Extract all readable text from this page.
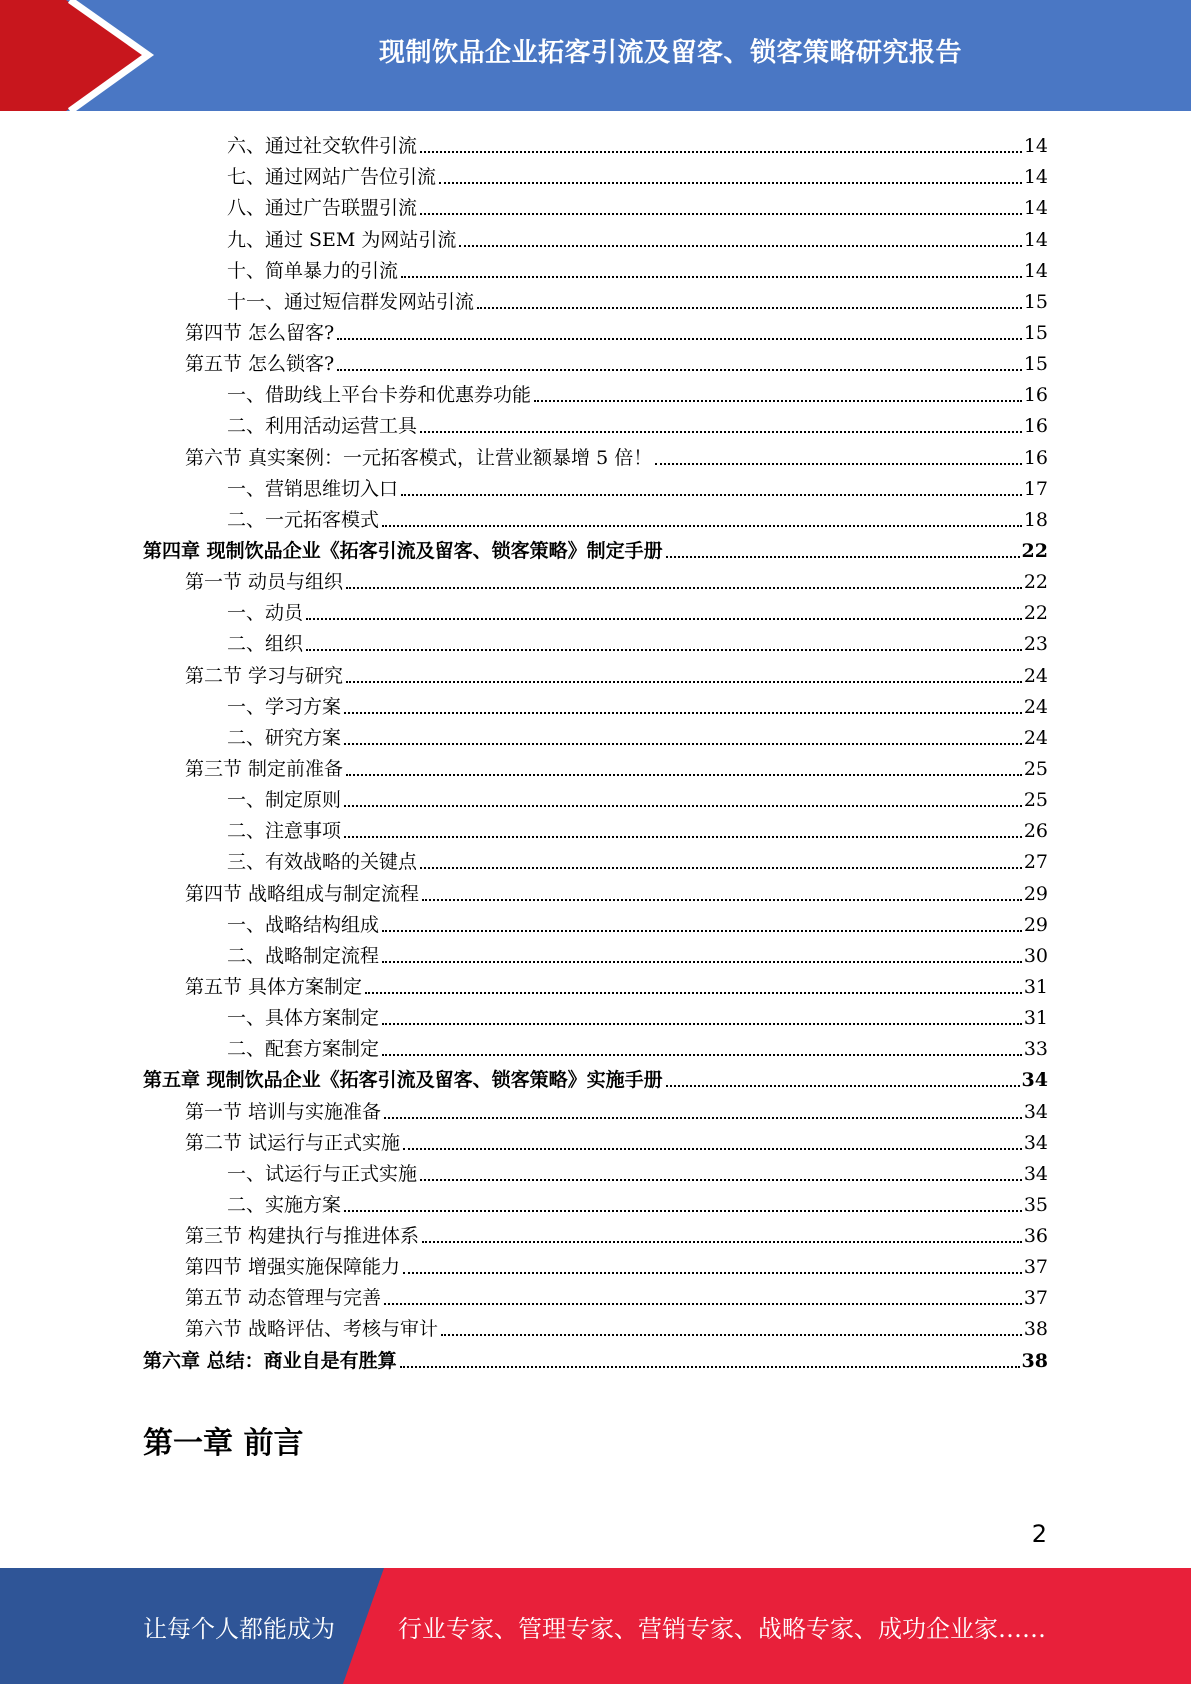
现制饮品企业拓客引流及留客、锁客策略研究报告
六、通过社交软件引流	14
七、通过网站广告位引流	14
八、通过广告联盟引流	14
九、通过 SEM 为网站引流	14
十、简单暴力的引流	14
十一、通过短信群发网站引流	15
第四节 怎么留客?	15
第五节 怎么锁客?	15
一、借助线上平台卡券和优惠券功能	16
二、利用活动运营工具	16
第六节 真实案例：一元拓客模式，让营业额暴增 5 倍！	16
一、营销思维切入口	17
二、一元拓客模式	18
第四章 现制饮品企业《拓客引流及留客、锁客策略》制定手册	22
第一节 动员与组织	22
一、动员	22
二、组织	23
第二节 学习与研究	24
一、学习方案	24
二、研究方案	24
第三节 制定前准备	25
一、制定原则	25
二、注意事项	26
三、有效战略的关键点	27
第四节 战略组成与制定流程	29
一、战略结构组成	29
二、战略制定流程	30
第五节 具体方案制定	31
一、具体方案制定	31
二、配套方案制定	33
第五章 现制饮品企业《拓客引流及留客、锁客策略》实施手册	34
第一节 培训与实施准备	34
第二节 试运行与正式实施	34
一、试运行与正式实施	34
二、实施方案	35
第三节 构建执行与推进体系	36
第四节 增强实施保障能力	37
第五节 动态管理与完善	37
第六节 战略评估、考核与审计	38
第六章 总结：商业自是有胜算	38
第一章 前言
2
让每个人都能成为	行业专家、管理专家、营销专家、战略专家、成功企业家……
